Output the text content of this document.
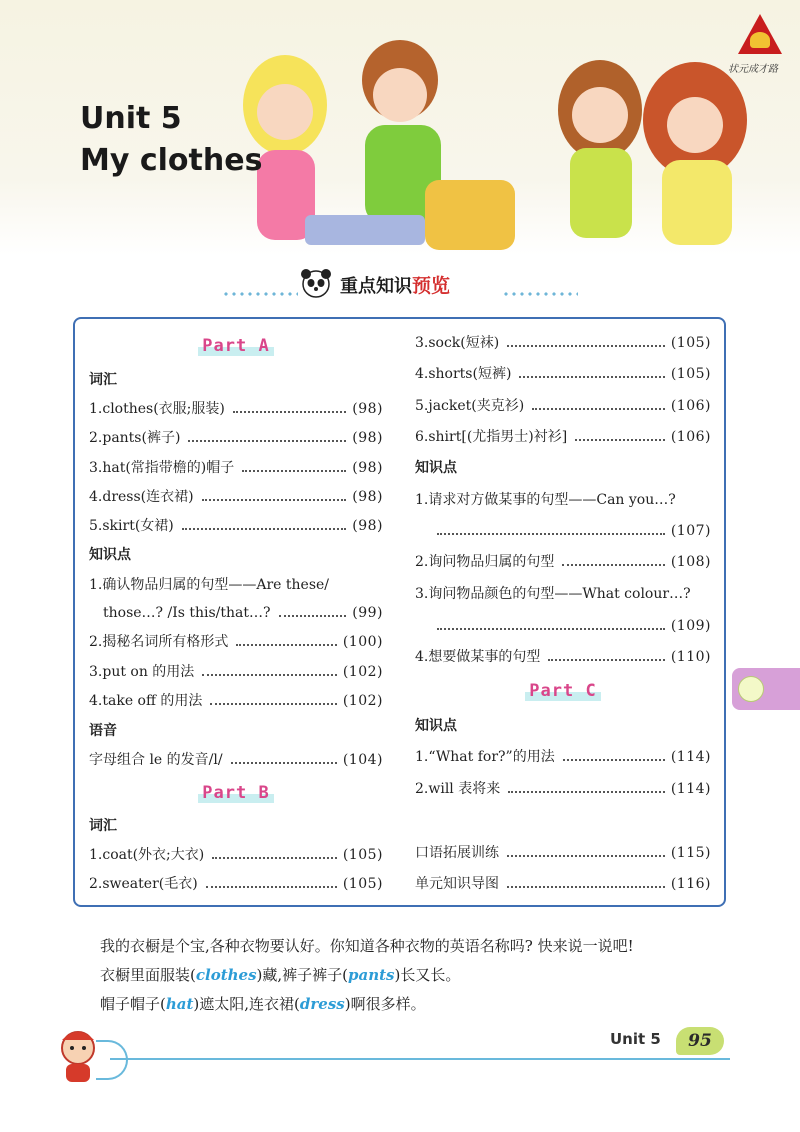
Unit 5
My clothes
状元成才路
重点知识预览
Part A
词汇
1.clothes(衣服;服装)	(98)
2.pants(裤子)	(98)
3.hat(常指带檐的)帽子	(98)
4.dress(连衣裙)	(98)
5.skirt(女裙)	(98)
知识点
1.确认物品归属的句型——Are these/
those…? /Is this/that…?	(99)
2.揭秘名词所有格形式	(100)
3.put on 的用法	(102)
4.take off 的用法	(102)
语音
字母组合 le 的发音/l/	(104)
Part B
词汇
1.coat(外衣;大衣)	(105)
2.sweater(毛衣)	(105)
3.sock(短袜)	(105)
4.shorts(短裤)	(105)
5.jacket(夹克衫)	(106)
6.shirt[(尤指男士)衬衫]	(106)
知识点
1.请求对方做某事的句型——Can you…?
(107)
2.询问物品归属的句型	(108)
3.询问物品颜色的句型——What colour…?
(109)
4.想要做某事的句型	(110)
Part C
知识点
1.“What for?”的用法	(114)
2.will 表将来	(114)
口语拓展训练	(115)
单元知识导图	(116)
我的衣橱是个宝,各种衣物要认好。你知道各种衣物的英语名称吗? 快来说一说吧!
衣橱里面服装(clothes)藏,裤子裤子(pants)长又长。
帽子帽子(hat)遮太阳,连衣裙(dress)啊很多样。
Unit 5	95
